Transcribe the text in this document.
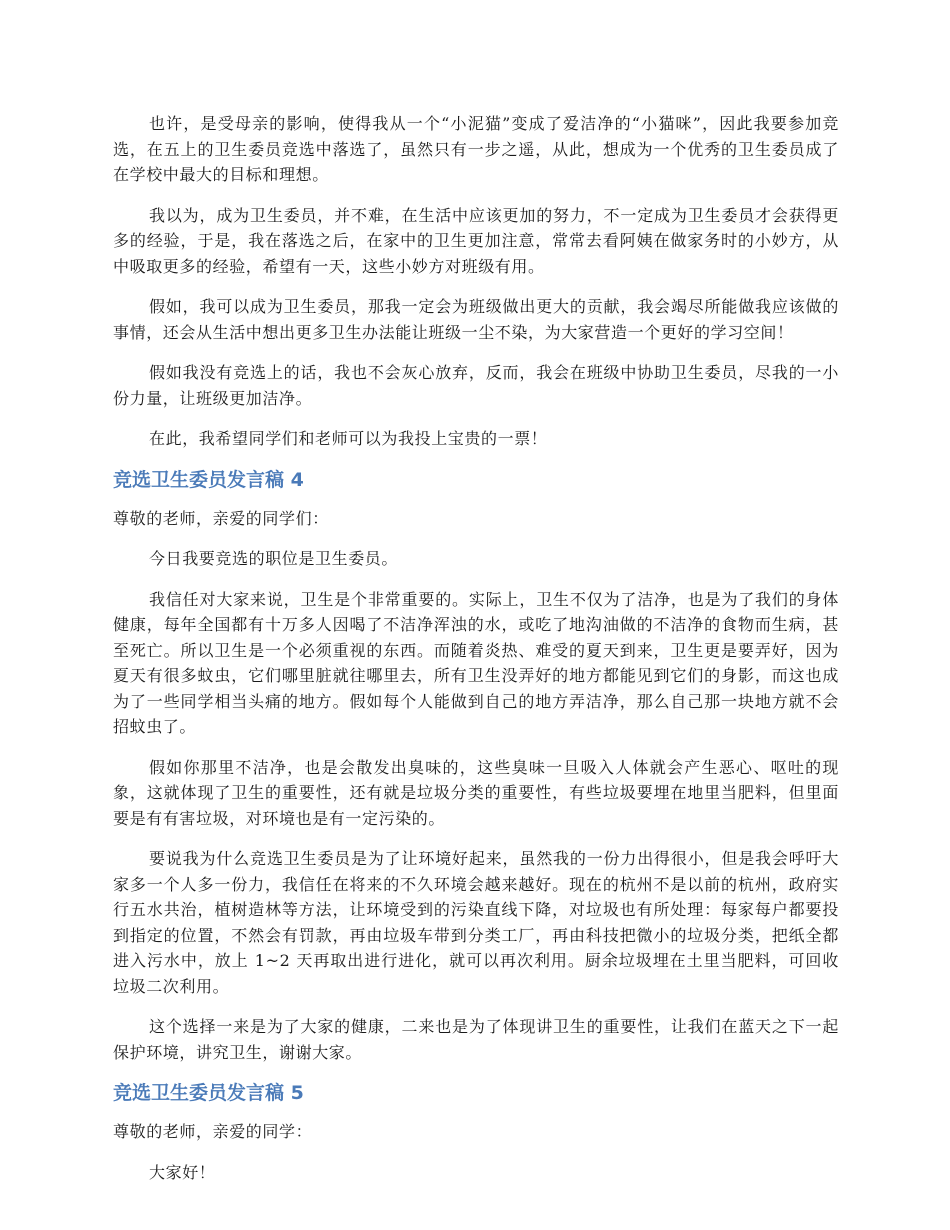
也许，是受母亲的影响，使得我从一个“小泥猫”变成了爱洁净的“小猫咪”，因此我要参加竞选，在五上的卫生委员竞选中落选了，虽然只有一步之遥，从此，想成为一个优秀的卫生委员成了在学校中最大的目标和理想。

我以为，成为卫生委员，并不难，在生活中应该更加的努力，不一定成为卫生委员才会获得更多的经验，于是，我在落选之后，在家中的卫生更加注意，常常去看阿姨在做家务时的小妙方，从中吸取更多的经验，希望有一天，这些小妙方对班级有用。

假如，我可以成为卫生委员，那我一定会为班级做出更大的贡献，我会竭尽所能做我应该做的事情，还会从生活中想出更多卫生办法能让班级一尘不染，为大家营造一个更好的学习空间！

假如我没有竞选上的话，我也不会灰心放弃，反而，我会在班级中协助卫生委员，尽我的一小份力量，让班级更加洁净。

在此，我希望同学们和老师可以为我投上宝贵的一票！

竞选卫生委员发言稿 4

尊敬的老师，亲爱的同学们：

今日我要竞选的职位是卫生委员。

我信任对大家来说，卫生是个非常重要的。实际上，卫生不仅为了洁净，也是为了我们的身体健康，每年全国都有十万多人因喝了不洁净浑浊的水，或吃了地沟油做的不洁净的食物而生病，甚至死亡。所以卫生是一个必须重视的东西。而随着炎热、难受的夏天到来，卫生更是要弄好，因为夏天有很多蚊虫，它们哪里脏就往哪里去，所有卫生没弄好的地方都能见到它们的身影，而这也成为了一些同学相当头痛的地方。假如每个人能做到自己的地方弄洁净，那么自己那一块地方就不会招蚊虫了。

假如你那里不洁净，也是会散发出臭味的，这些臭味一旦吸入人体就会产生恶心、呕吐的现象，这就体现了卫生的重要性，还有就是垃圾分类的重要性，有些垃圾要埋在地里当肥料，但里面要是有有害垃圾，对环境也是有一定污染的。

要说我为什么竞选卫生委员是为了让环境好起来，虽然我的一份力出得很小，但是我会呼吁大家多一个人多一份力，我信任在将来的不久环境会越来越好。现在的杭州不是以前的杭州，政府实行五水共治，植树造林等方法，让环境受到的污染直线下降，对垃圾也有所处理：每家每户都要投到指定的位置，不然会有罚款，再由垃圾车带到分类工厂，再由科技把微小的垃圾分类，把纸全都进入污水中，放上 1~2 天再取出进行进化，就可以再次利用。厨余垃圾埋在土里当肥料，可回收垃圾二次利用。

这个选择一来是为了大家的健康，二来也是为了体现讲卫生的重要性，让我们在蓝天之下一起保护环境，讲究卫生，谢谢大家。

竞选卫生委员发言稿 5

尊敬的老师，亲爱的同学：

大家好！
